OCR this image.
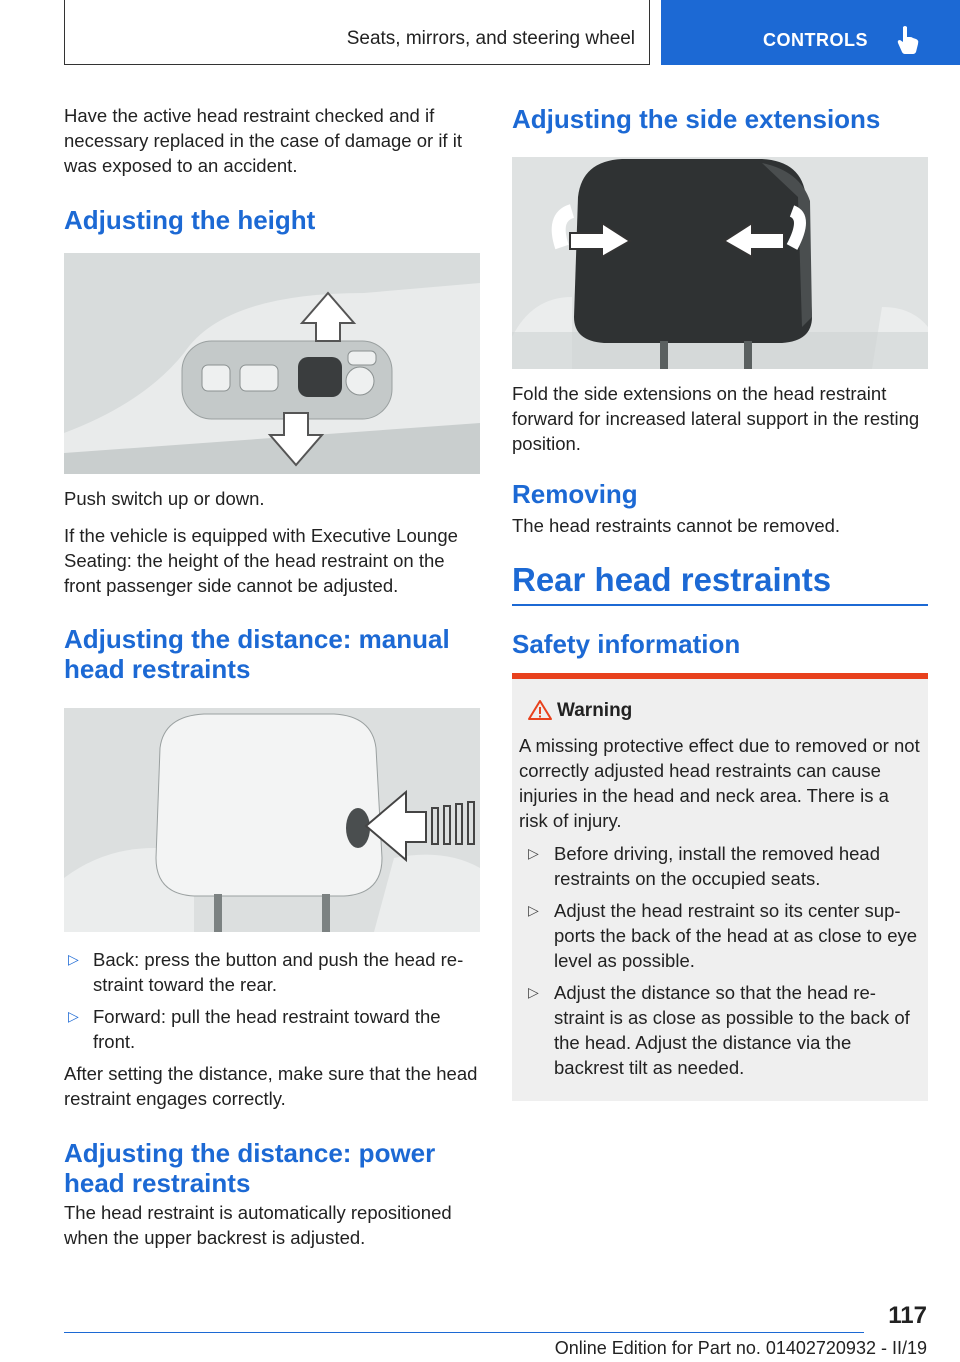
Seats, mirrors, and steering wheel	CONTROLS

Have the active head restraint checked and if necessary replaced in the case of damage or if it was exposed to an accident.

Adjusting the height

Push switch up or down.

If the vehicle is equipped with Executive Lounge Seating: the height of the head restraint on the front passenger side cannot be adjusted.

Adjusting the distance: manual head restraints
▷ Back: press the button and push the head restraint toward the rear.
▷ Forward: pull the head restraint toward the front.

After setting the distance, make sure that the head restraint engages correctly.

Adjusting the distance: power head restraints

The head restraint is automatically repositioned when the upper backrest is adjusted.

Adjusting the side extensions

Fold the side extensions on the head restraint forward for increased lateral support in the resting position.

Removing

The head restraints cannot be removed.

Rear head restraints
Safety information
Warning

A missing protective effect due to removed or not correctly adjusted head restraints can cause injuries in the head and neck area. There is a risk of injury.

▷ Before driving, install the removed head restraints on the occupied seats.
▷ Adjust the head restraint so its center supports the back of the head at as close to eye level as possible.
▷ Adjust the distance so that the head restraint is as close as possible to the back of the head. Adjust the distance via the backrest tilt as needed.
117
Online Edition for Part no. 01402720932 - II/19
